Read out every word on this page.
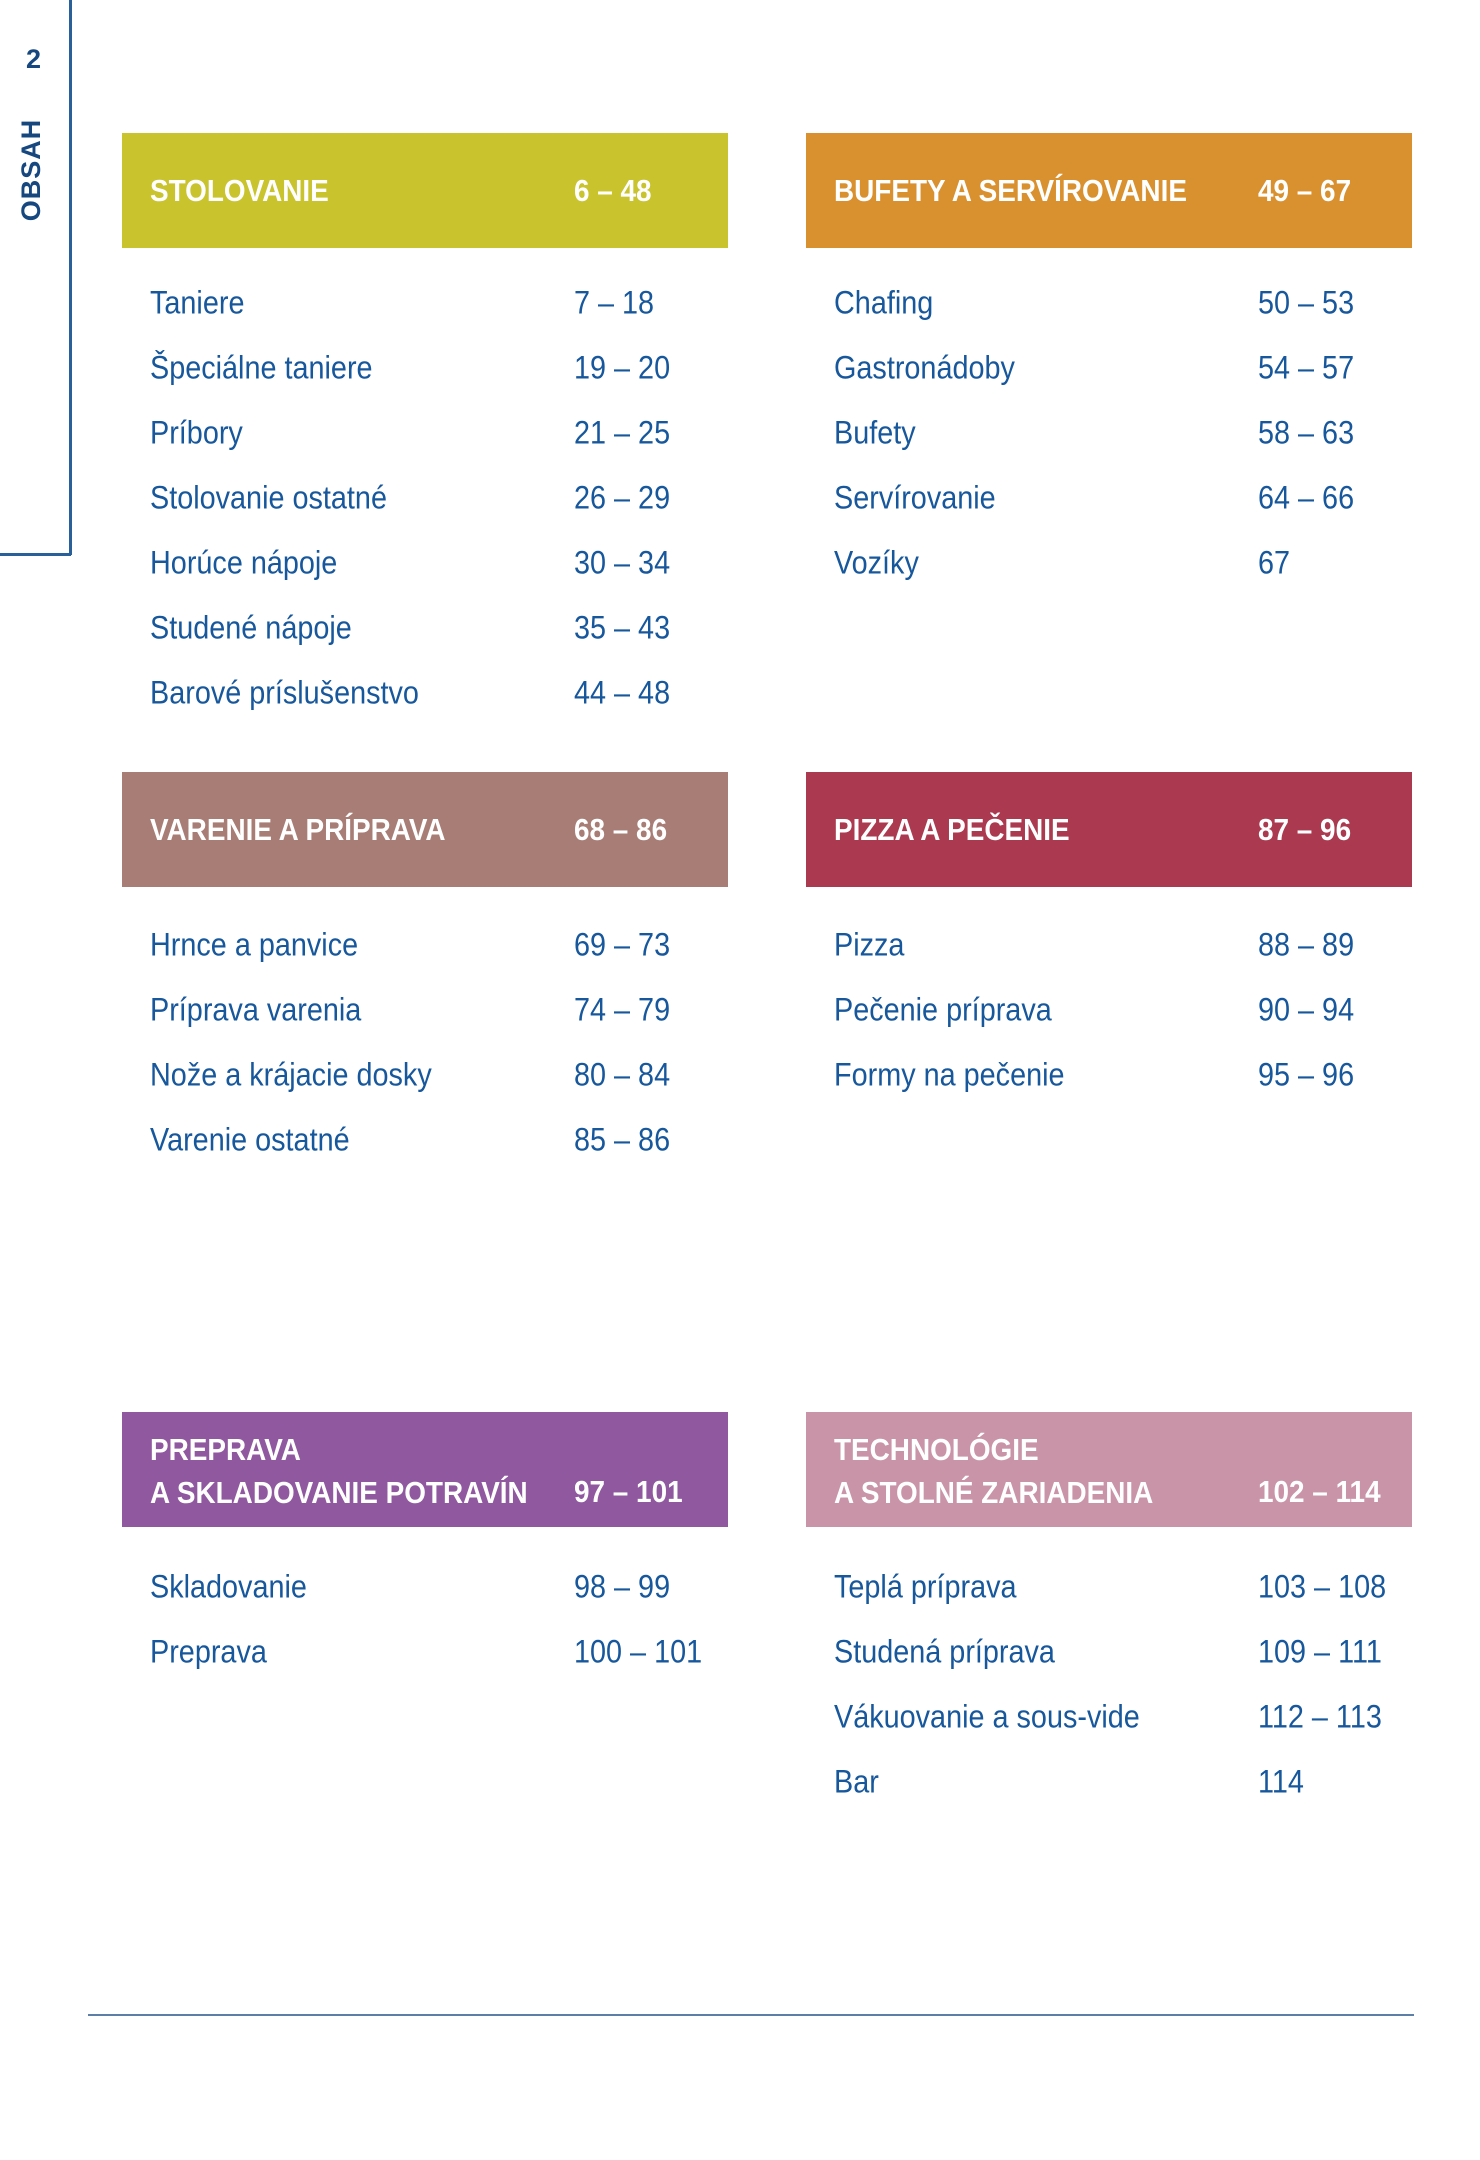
2
OBSAH	STOLOVANIE	6 – 48
Taniere	7 – 18
Špeciálne taniere	19 – 20
Príbory	21 – 25
Stolovanie ostatné	26 – 29
Horúce nápoje	30 – 34
Studené nápoje	35 – 43
Barové príslušenstvo	44 – 48
BUFETY A SERVÍROVANIE 49 – 67
Chafing	50 – 53
Gastronádoby	54 – 57
Bufety	58 – 63
Servírovanie	64 – 66
Vozíky	67
VARENIE A PRÍPRAVA	68 – 86
Hrnce a panvice	69 – 73
Príprava varenia	74 – 79
Nože a krájacie dosky	80 – 84
Varenie ostatné	85 – 86
PIZZA A PEČENIE	87 – 96
Pizza	88 – 89
Pečenie príprava	90 – 94
Formy na pečenie	95 – 96
PREPRAVA
A SKLADOVANIE POTRAVÍN	97 – 101
Skladovanie	98 – 99
Preprava	100 – 101
TECHNOLÓGIE
A STOLNÉ ZARIADENIA	102 – 114
Teplá príprava	103 – 108
Studená príprava	109 – 111
Vákuovanie a sous-vide	112 – 113
Bar	114
